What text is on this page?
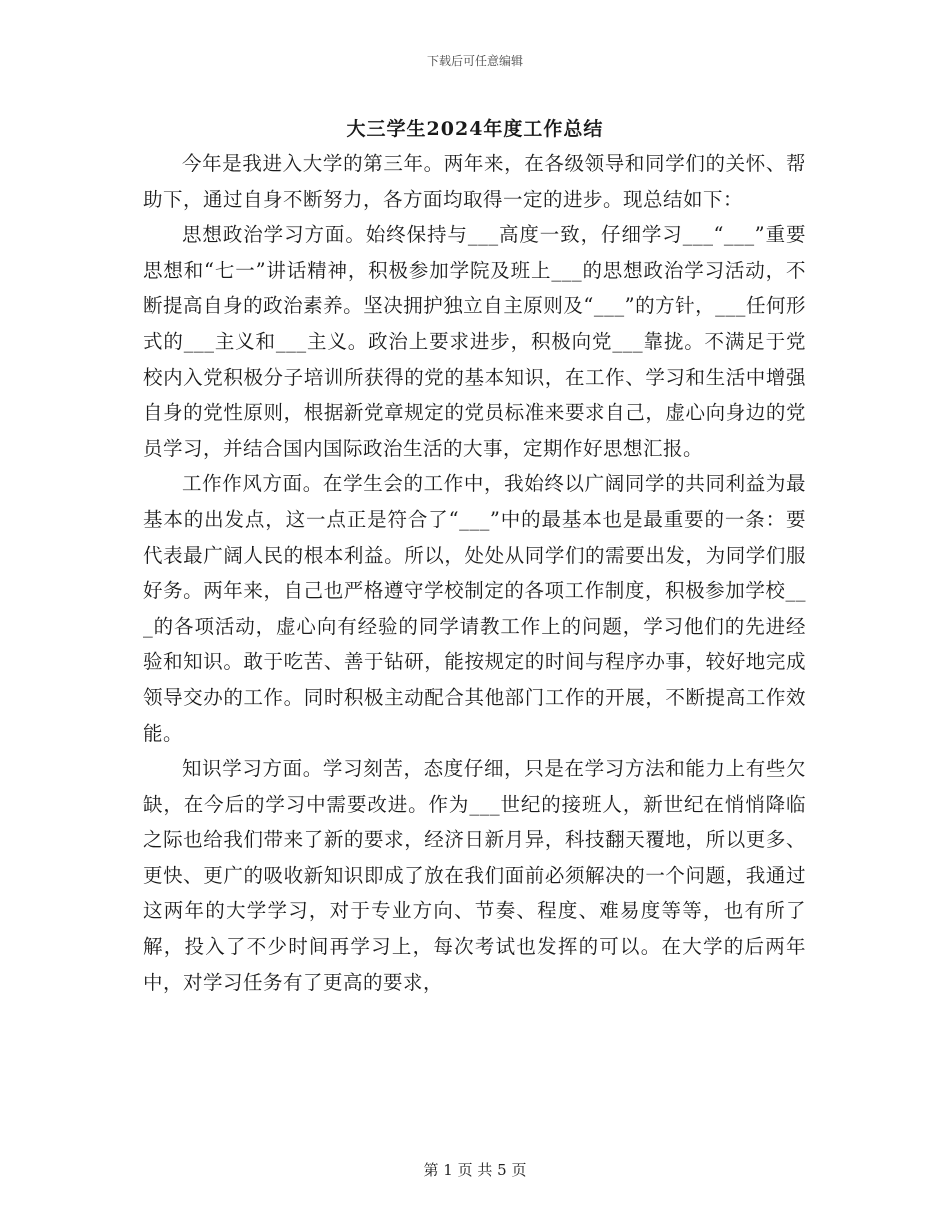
下载后可任意编辑
大三学生2024年度工作总结

今年是我进入大学的第三年。两年来，在各级领导和同学们的关怀、帮助下，通过自身不断努力，各方面均取得一定的进步。现总结如下：

思想政治学习方面。始终保持与___高度一致，仔细学习___“___”重要思想和“七一”讲话精神，积极参加学院及班上___的思想政治学习活动，不断提高自身的政治素养。坚决拥护独立自主原则及“___”的方针，___任何形式的___主义和___主义。政治上要求进步，积极向党___靠拢。不满足于党校内入党积极分子培训所获得的党的基本知识，在工作、学习和生活中增强自身的党性原则，根据新党章规定的党员标准来要求自己，虚心向身边的党员学习，并结合国内国际政治生活的大事，定期作好思想汇报。

工作作风方面。在学生会的工作中，我始终以广阔同学的共同利益为最基本的出发点，这一点正是符合了“___”中的最基本也是最重要的一条：要代表最广阔人民的根本利益。所以，处处从同学们的需要出发，为同学们服好务。两年来，自己也严格遵守学校制定的各项工作制度，积极参加学校___的各项活动，虚心向有经验的同学请教工作上的问题，学习他们的先进经验和知识。敢于吃苦、善于钻研，能按规定的时间与程序办事，较好地完成领导交办的工作。同时积极主动配合其他部门工作的开展，不断提高工作效能。

知识学习方面。学习刻苦，态度仔细，只是在学习方法和能力上有些欠缺，在今后的学习中需要改进。作为___世纪的接班人，新世纪在悄悄降临之际也给我们带来了新的要求，经济日新月异，科技翻天覆地，所以更多、更快、更广的吸收新知识即成了放在我们面前必须解决的一个问题，我通过这两年的大学学习，对于专业方向、节奏、程度、难易度等等，也有所了解，投入了不少时间再学习上，每次考试也发挥的可以。在大学的后两年中，对学习任务有了更高的要求，

第 1 页 共 5 页
